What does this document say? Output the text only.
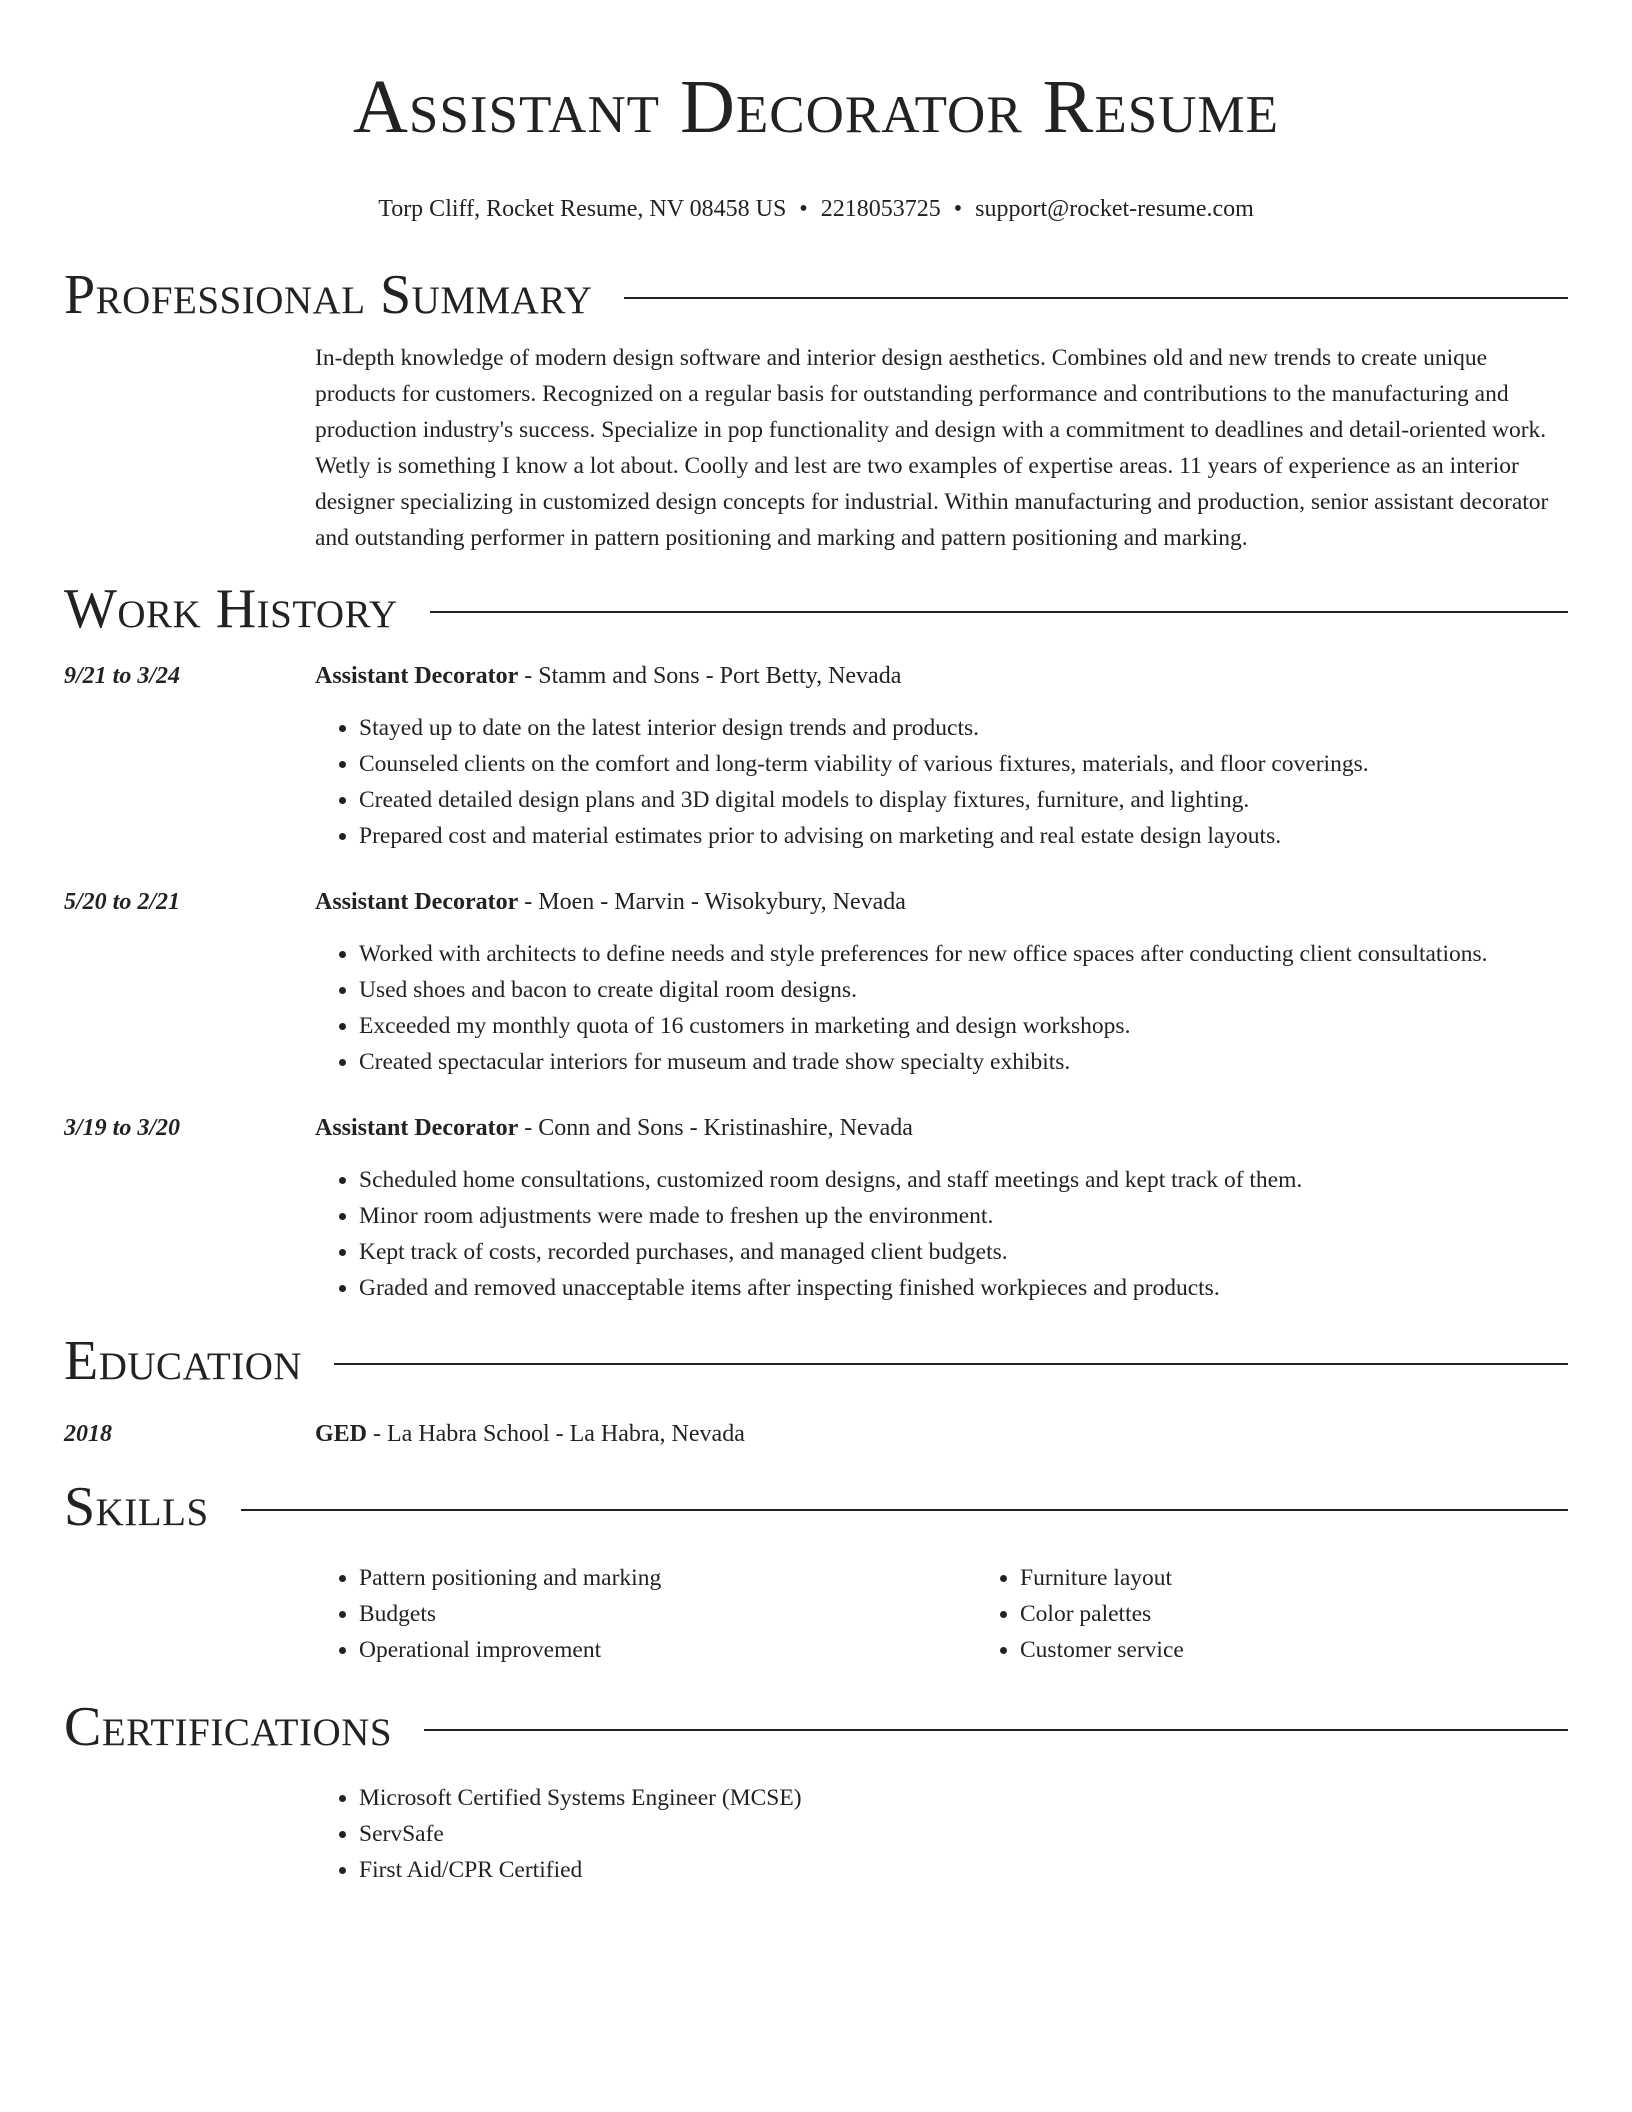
Assistant Decorator Resume
Torp Cliff, Rocket Resume, NV 08458 US • 2218053725 • support@rocket-resume.com
Professional Summary
In-depth knowledge of modern design software and interior design aesthetics. Combines old and new trends to create unique products for customers. Recognized on a regular basis for outstanding performance and contributions to the manufacturing and production industry's success. Specialize in pop functionality and design with a commitment to deadlines and detail-oriented work. Wetly is something I know a lot about. Coolly and lest are two examples of expertise areas. 11 years of experience as an interior designer specializing in customized design concepts for industrial. Within manufacturing and production, senior assistant decorator and outstanding performer in pattern positioning and marking and pattern positioning and marking.
Work History
9/21 to 3/24	Assistant Decorator - Stamm and Sons - Port Betty, Nevada
• Stayed up to date on the latest interior design trends and products.
• Counseled clients on the comfort and long-term viability of various fixtures, materials, and floor coverings.
• Created detailed design plans and 3D digital models to display fixtures, furniture, and lighting.
• Prepared cost and material estimates prior to advising on marketing and real estate design layouts.
5/20 to 2/21	Assistant Decorator - Moen - Marvin - Wisokybury, Nevada
• Worked with architects to define needs and style preferences for new office spaces after conducting client consultations.
• Used shoes and bacon to create digital room designs.
• Exceeded my monthly quota of 16 customers in marketing and design workshops.
• Created spectacular interiors for museum and trade show specialty exhibits.
3/19 to 3/20	Assistant Decorator - Conn and Sons - Kristinashire, Nevada
• Scheduled home consultations, customized room designs, and staff meetings and kept track of them.
• Minor room adjustments were made to freshen up the environment.
• Kept track of costs, recorded purchases, and managed client budgets.
• Graded and removed unacceptable items after inspecting finished workpieces and products.
Education
2018	GED - La Habra School - La Habra, Nevada
Skills
• Pattern positioning and marking
• Budgets
• Operational improvement
• Furniture layout
• Color palettes
• Customer service
Certifications
• Microsoft Certified Systems Engineer (MCSE)
• ServSafe
• First Aid/CPR Certified
